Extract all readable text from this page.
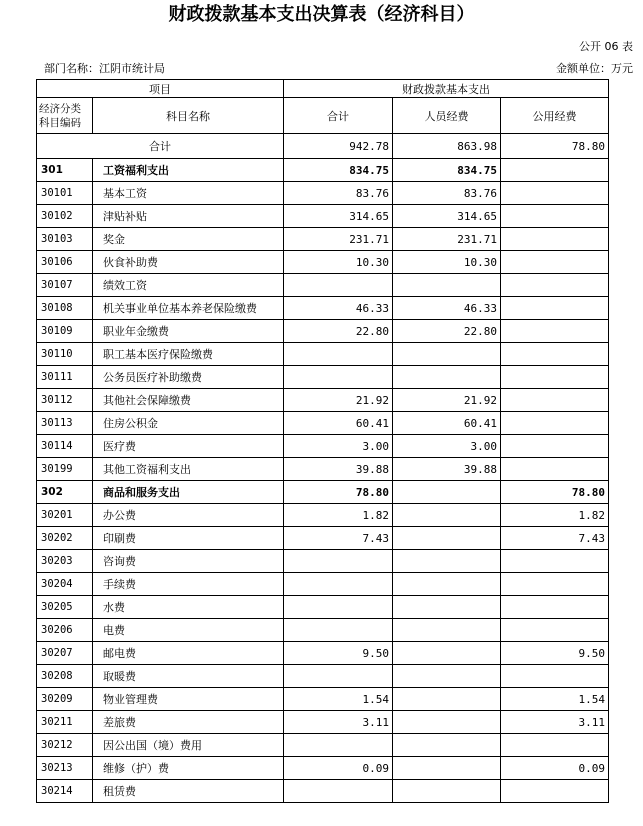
财政拨款基本支出决算表（经济科目）
公开 06 表
部门名称：江阴市统计局	金额单位：万元
项目		财政拨款基本支出		
经济分类科目编码	科目名称	合计	人员经费	公用经费
合计		942.78	863.98	78.80
301	工资福利支出	834.75	834.75	
30101	基本工资	83.76	83.76	
30102	津贴补贴	314.65	314.65	
30103	奖金	231.71	231.71	
30106	伙食补助费	10.30	10.30	
30107	绩效工资			
30108	机关事业单位基本养老保险缴费	46.33	46.33	
30109	职业年金缴费	22.80	22.80	
30110	职工基本医疗保险缴费			
30111	公务员医疗补助缴费			
30112	其他社会保障缴费	21.92	21.92	
30113	住房公积金	60.41	60.41	
30114	医疗费	3.00	3.00	
30199	其他工资福利支出	39.88	39.88	
302	商品和服务支出	78.80		78.80
30201	办公费	1.82		1.82
30202	印刷费	7.43		7.43
30203	咨询费			
30204	手续费			
30205	水费			
30206	电费			
30207	邮电费	9.50		9.50
30208	取暖费			
30209	物业管理费	1.54		1.54
30211	差旅费	3.11		3.11
30212	因公出国（境）费用			
30213	维修（护）费	0.09		0.09
30214	租赁费			
